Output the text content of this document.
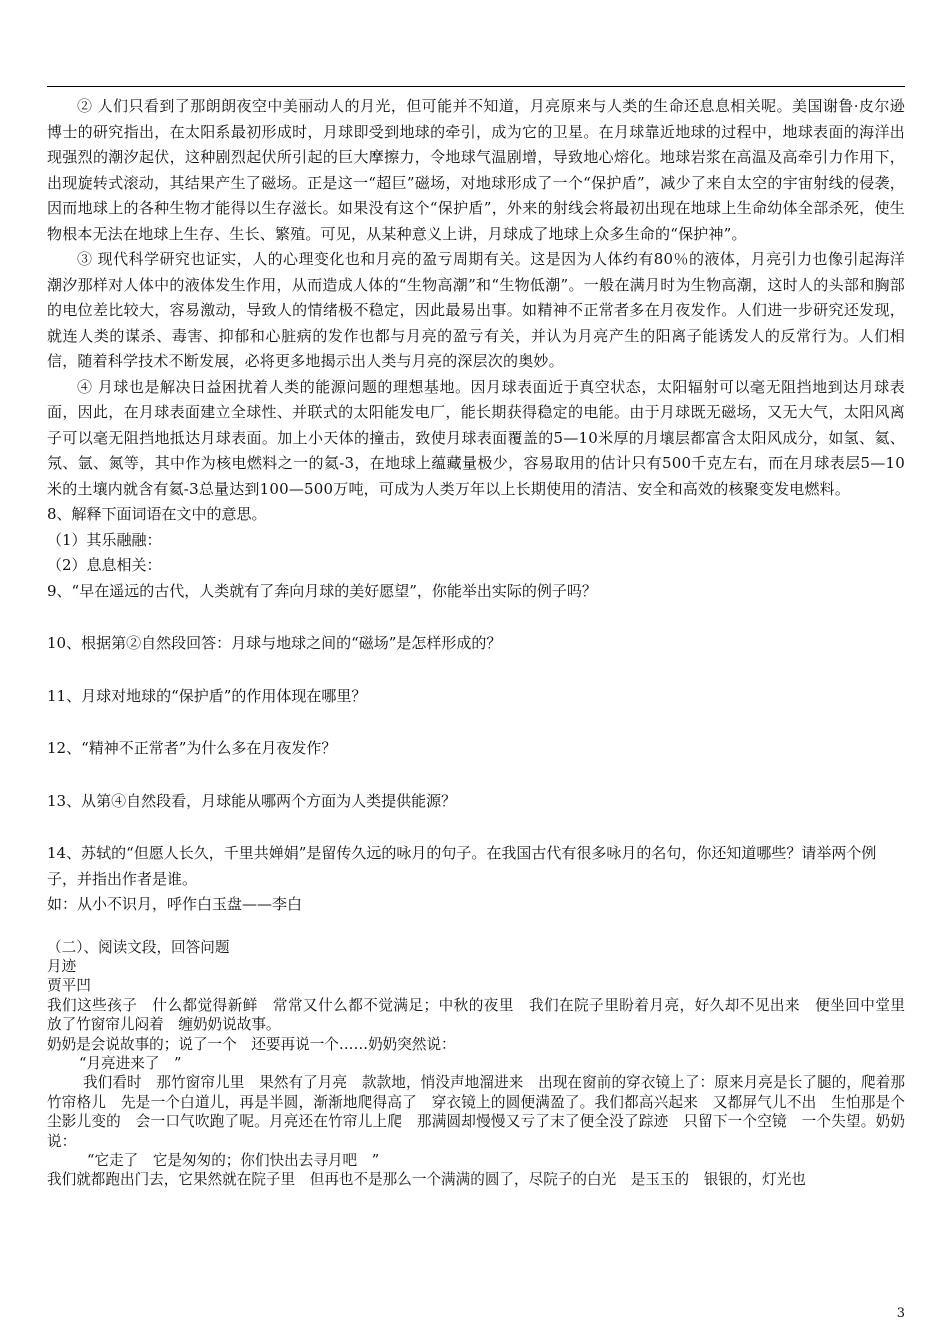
② 人们只看到了那朗朗夜空中美丽动人的月光，但可能并不知道，月亮原来与人类的生命还息息相关呢。美国谢鲁·皮尔逊博士的研究指出，在太阳系最初形成时，月球即受到地球的牵引，成为它的卫星。在月球靠近地球的过程中，地球表面的海洋出现强烈的潮汐起伏，这种剧烈起伏所引起的巨大摩擦力，令地球气温剧增，导致地心熔化。地球岩浆在高温及高牵引力作用下，出现旋转式滚动，其结果产生了磁场。正是这一“超巨”磁场，对地球形成了一个“保护盾”，减少了来自太空的宇宙射线的侵袭，因而地球上的各种生物才能得以生存滋长。如果没有这个“保护盾”，外来的射线会将最初出现在地球上生命幼体全部杀死，使生物根本无法在地球上生存、生长、繁殖。可见，从某种意义上讲，月球成了地球上众多生命的“保护神”。

③ 现代科学研究也证实，人的心理变化也和月亮的盈亏周期有关。这是因为人体约有80％的液体，月亮引力也像引起海洋潮汐那样对人体中的液体发生作用，从而造成人体的“生物高潮”和“生物低潮”。一般在满月时为生物高潮，这时人的头部和胸部的电位差比较大，容易激动，导致人的情绪极不稳定，因此最易出事。如精神不正常者多在月夜发作。人们进一步研究还发现，就连人类的谋杀、毒害、抑郁和心脏病的发作也都与月亮的盈亏有关，并认为月亮产生的阳离子能诱发人的反常行为。人们相信，随着科学技术不断发展，必将更多地揭示出人类与月亮的深层次的奥妙。

④ 月球也是解决日益困扰着人类的能源问题的理想基地。因月球表面近于真空状态，太阳辐射可以毫无阻挡地到达月球表面，因此，在月球表面建立全球性、并联式的太阳能发电厂，能长期获得稳定的电能。由于月球既无磁场，又无大气，太阳风离子可以毫无阻挡地抵达月球表面。加上小天体的撞击，致使月球表面覆盖的5—10米厚的月壤层都富含太阳风成分，如氢、氦、氖、氩、氮等，其中作为核电燃料之一的氦-3，在地球上蕴藏量极少，容易取用的估计只有500千克左右，而在月球表层5—10米的土壤内就含有氦-3总量达到100—500万吨，可成为人类万年以上长期使用的清洁、安全和高效的核聚变发电燃料。

8、解释下面词语在文中的意思。

（1）其乐融融：

（2）息息相关：

9、“早在遥远的古代，人类就有了奔向月球的美好愿望”，你能举出实际的例子吗？

10、根据第②自然段回答：月球与地球之间的“磁场”是怎样形成的？

11、月球对地球的“保护盾”的作用体现在哪里？

12、“精神不正常者”为什么多在月夜发作？

13、从第④自然段看，月球能从哪两个方面为人类提供能源？

14、苏轼的“但愿人长久，千里共婵娟”是留传久远的咏月的句子。在我国古代有很多咏月的名句，你还知道哪些？请举两个例子，并指出作者是谁。

如：从小不识月，呼作白玉盘——李白

（二）、阅读文段，回答问题

月迹

贾平凹

我们这些孩子　什么都觉得新鲜　常常又什么都不觉满足；中秋的夜里　我们在院子里盼着月亮，好久却不见出来　便坐回中堂里　放了竹窗帘儿闷着　缠奶奶说故事。

奶奶是会说故事的；说了一个　还要再说一个……奶奶突然说：

“月亮进来了　”

我们看时　那竹窗帘儿里　果然有了月亮　款款地，悄没声地溜进来　出现在窗前的穿衣镜上了：原来月亮是长了腿的，爬着那竹帘格儿　先是一个白道儿，再是半圆，渐渐地爬得高了　穿衣镜上的圆便满盈了。我们都高兴起来　又都屏气儿不出　生怕那是个尘影儿变的　会一口气吹跑了呢。月亮还在竹帘儿上爬　那满圆却慢慢又亏了末了便全没了踪迹　只留下一个空镜　一个失望。奶奶说：

“它走了　它是匆匆的；你们快出去寻月吧　”

我们就都跑出门去，它果然就在院子里　但再也不是那么一个满满的圆了，尽院子的白光　是玉玉的　银银的，灯光也

3
